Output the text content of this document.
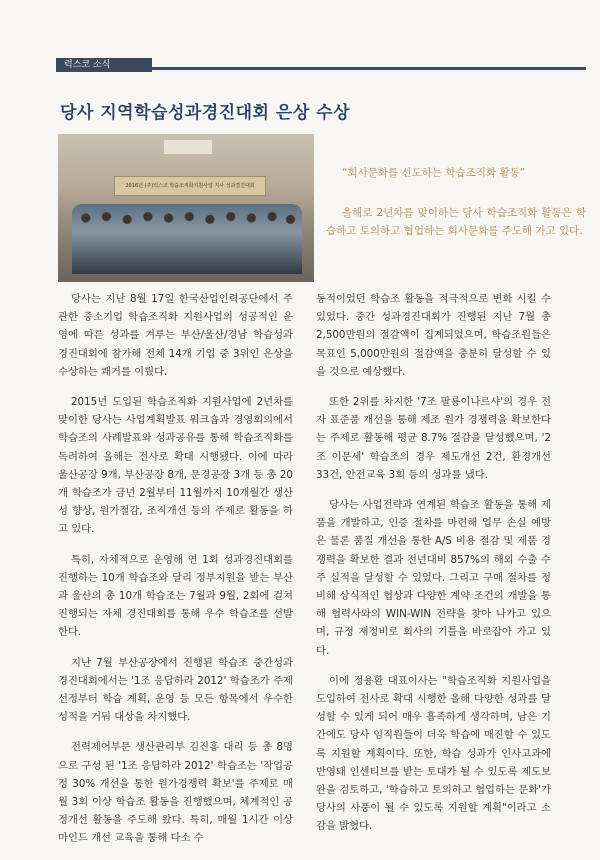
럭스코 소식
당사 지역학습성과경진대회 은상 수상
2016년 (주)럭스코 학습조직화지원사업 지사 성과경진대회
“회사문화를 선도하는 학습조직화 활동”
올해로 2년차를 맞이하는 당사 학습조직화 활동은 학습하고 토의하고 협업하는 회사문화를 주도해 가고 있다.

당사는 지난 8월 17일 한국산업인력공단에서 주관한 중소기업 학습조직화 지원사업의 성공적인 운영에 따른 성과를 겨루는 부산/울산/경남 학습성과 경진대회에 참가해 전체 14개 기업 중 3위인 은상을 수상하는 쾌거를 이뤘다.

2015년 도입된 학습조직화 지원사업에 2년차를 맞이한 당사는 사업계획발표 워크숍과 경영회의에서 학습조의 사례발표와 성과공유를 통해 학습조직화를 독려하여 올해는 전사로 확대 시행됐다. 이에 따라 울산공장 9개, 부산공장 8개, 문경공장 3개 등 총 20개 학습조가 금년 2월부터 11월까지 10개월간 생산성 향상, 원가절감, 조직개선 등의 주제로 활동을 하고 있다.

특히, 자체적으로 운영해 연 1회 성과경진대회를 진행하는 10개 학습조와 달리 정부지원을 받는 부산과 울산의 총 10개 학습조는 7월과 9월, 2회에 걸쳐 진행되는 자체 경진대회를 통해 우수 학습조를 선발한다.

지난 7월 부산공장에서 진행된 학습조 중간성과 경진대회에서는 '1조 응답하라 2012' 학습조가 주제 선정부터 학습 계획, 운영 등 모든 항목에서 우수한 성적을 거둬 대상을 차지했다.

전력제어부문 생산관리부 김진홍 대리 등 총 8명으로 구성 된 '1조 응답하라 2012' 학습조는 '작업공정 30% 개선을 통한 원가경쟁력 확보'를 주제로 매월 3회 이상 학습조 활동을 진행했으며, 체계적인 공정개선 활동을 주도해 왔다. 특히, 매월 1시간 이상 마인드 개선 교육을 통해 다소 수

동적이었던 학습조 활동을 적극적으로 변화 시킬 수 있었다. 중간 성과경진대회가 진행된 지난 7월 총 2,500만원의 절감액이 집계되었으며, 학습조원들은 목표인 5,000만원의 절감액을 충분히 달성할 수 있을 것으로 예상했다.

또한 2위를 차지한 '7조 팔룡이나르샤'의 경우 전자 표준품 개선을 통해 제조 원가 경쟁력을 확보한다는 주제로 활동해 평균 8.7% 절감을 달성했으며, '2조 이문세' 학습조의 경우 제도개선 2건, 환경개선 33건, 안전교육 3회 등의 성과를 냈다.

당사는 사업전략과 연계된 학습조 활동을 통해 제품을 개발하고, 인증 절차를 마련해 업무 손실 예방은 물론 품질 개선을 통한 A/S 비용 절감 및 제품 경쟁력을 확보한 결과 전년대비 857%의 해외 수출 수주 실적을 달성할 수 있었다. 그리고 구매 절차를 정비해 상식적인 협상과 다양한 계약 조건의 개발을 통해 협력사와의 WIN-WIN 전략을 찾아 나가고 있으며, 규정 재정비로 회사의 기틀을 바로잡아 가고 있다.

이에 정용환 대표이사는 "학습조직화 지원사업을 도입하여 전사로 확대 시행한 올해 다양한 성과를 달성할 수 있게 되어 매우 흡족하게 생각하며, 남은 기간에도 당사 임직원들이 더욱 학습에 매진할 수 있도록 지원할 계획이다. 또한, 학습 성과가 인사고과에 반영돼 인센티브를 받는 토대가 될 수 있도록 제도보완을 검토하고, '학습하고 토의하고 협업하는 문화'가 당사의 사풍이 될 수 있도록 지원할 계획"이라고 소감을 밝혔다.
